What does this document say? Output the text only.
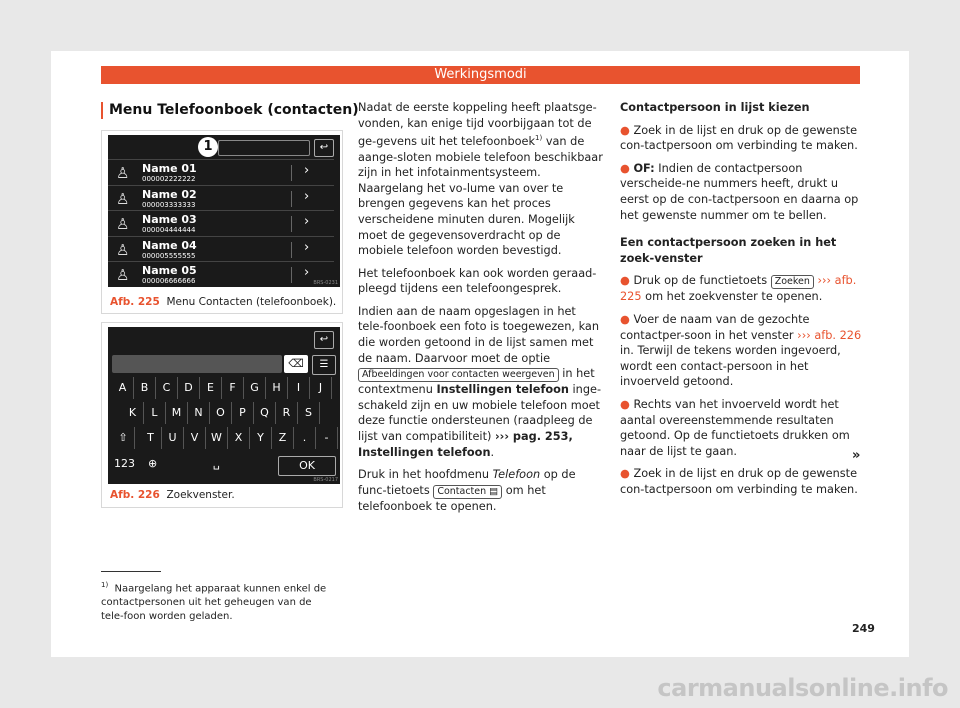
Werkingsmodi
Menu Telefoonboek (contacten)
↩
1
♙ Name 01
000002222222
›
♙ Name 02
000003333333
›
♙ Name 03
000004444444
›
♙ Name 04
000005555555
›
♙ Name 05
000006666666
›
BRS-0231
Afb. 225 Menu Contacten (telefoonboek).
↩
⌫	☰
A	B	C	D	E	F	G	H	I	J
K	L	M	N	O	P	Q	R	S
⇧	T	U	V	W	X	Y	Z	.	-
123 ⊕	␣	OK
BRS-0217
Afb. 226 Zoekvenster.

Nadat de eerste koppeling heeft plaatsge-vonden, kan enige tijd voorbijgaan tot de ge-gevens uit het telefoonboek$^{1)}$ van de aange-sloten mobiele telefoon beschikbaar zijn in het infotainmentsysteem. Naargelang het vo-lume van over te brengen gegevens kan het proces verscheidene minuten duren. Mogelijk moet de gegevensoverdracht op de mobiele telefoon worden bevestigd.

Het telefoonboek kan ook worden geraad-pleegd tijdens een telefoongesprek.

Indien aan de naam opgeslagen in het tele-foonboek een foto is toegewezen, kan die worden getoond in de lijst samen met de naam. Daarvoor moet de optie Afbeeldingen voor contacten weergeven in het contextmenu Instellingen telefoon inge-schakeld zijn en uw mobiele telefoon moet deze functie ondersteunen (raadpleeg de lijst van compatibiliteit) ››› pag. 253, Instellingen telefoon.

Druk in het hoofdmenu Telefoon op de func-tietoets Contacten ▤ om het telefoonboek te openen.

Contactpersoon in lijst kiezen

● Zoek in de lijst en druk op de gewenste con-tactpersoon om verbinding te maken.

● OF: Indien de contactpersoon verscheide-ne nummers heeft, drukt u eerst op de con-tactpersoon en daarna op het gewenste nummer om te bellen.

Een contactpersoon zoeken in het zoek-venster

● Druk op de functietoets Zoeken ››› afb. 225 om het zoekvenster te openen.

● Voer de naam van de gezochte contactper-soon in het venster ››› afb. 226 in. Terwijl de tekens worden ingevoerd, wordt een contact-persoon in het invoerveld getoond.

● Rechts van het invoerveld wordt het aantal overeenstemmende resultaten getoond. Op de functietoets drukken om naar de lijst te gaan.

● Zoek in de lijst en druk op de gewenste con-tactpersoon om verbinding te maken.

»
$^{1)}$ Naargelang het apparaat kunnen enkel de contactpersonen uit het geheugen van de tele-foon worden geladen.
249
carmanualsonline.info
